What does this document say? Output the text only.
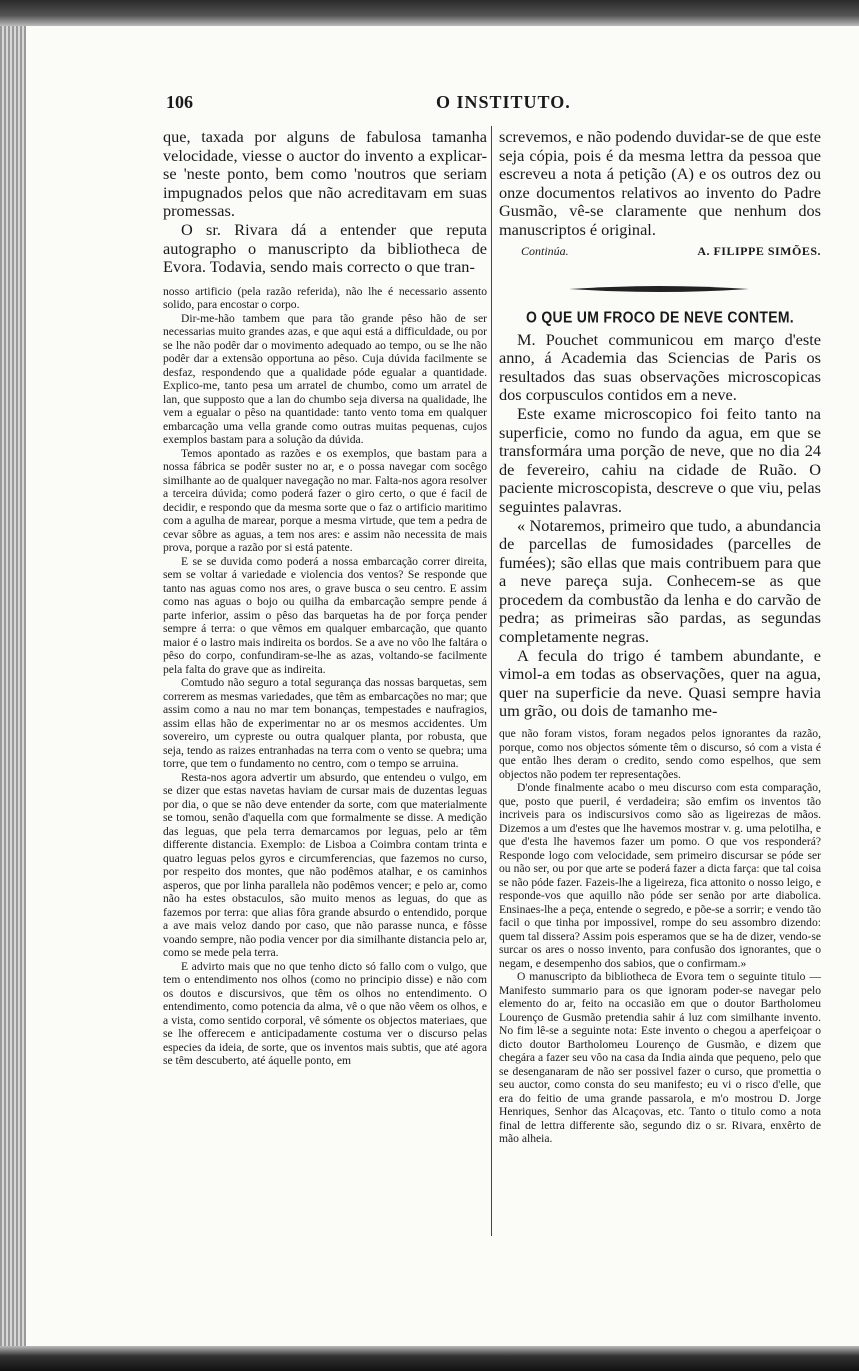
106	O INSTITUTO.

que, taxada por alguns de fabulosa tamanha velocidade, viesse o auctor do invento a explicar-se 'neste ponto, bem como 'noutros que seriam impugnados pelos que não acreditavam em suas promessas.

O sr. Rivara dá a entender que reputa autographo o manuscripto da bibliotheca de Evora. Todavia, sendo mais correcto o que tran-

nosso artificio (pela razão referida), não lhe é necessario assento solido, para encostar o corpo.

Dir-me-hão tambem que para tão grande pêso hão de ser necessarias muito grandes azas, e que aqui está a difficuldade, ou por se lhe não podêr dar o movimento adequado ao tempo, ou se lhe não podêr dar a extensão opportuna ao pêso. Cuja dúvida facilmente se desfaz, respondendo que a qualidade póde egualar a quantidade. Explico-me, tanto pesa um arratel de chumbo, como um arratel de lan, que supposto que a lan do chumbo seja diversa na qualidade, lhe vem a egualar o pêso na quantidade: tanto vento toma em qualquer embarcação uma vella grande como outras muitas pequenas, cujos exemplos bastam para a solução da dúvida.

Temos apontado as razões e os exemplos, que bastam para a nossa fábrica se podêr suster no ar, e o possa navegar com socêgo similhante ao de qualquer navegação no mar. Falta-nos agora resolver a terceira dúvida; como poderá fazer o giro certo, o que é facil de decidir, e respondo que da mesma sorte que o faz o artificio maritimo com a agulha de marear, porque a mesma virtude, que tem a pedra de cevar sôbre as aguas, a tem nos ares: e assim não necessita de mais prova, porque a razão por si está patente.

E se se duvida como poderá a nossa embarcação correr direita, sem se voltar á variedade e violencia dos ventos? Se responde que tanto nas aguas como nos ares, o grave busca o seu centro. E assim como nas aguas o bojo ou quilha da embarcação sempre pende á parte inferior, assim o pêso das barquetas ha de por força pender sempre á terra: o que vêmos em qualquer embarcação, que quanto maior é o lastro mais indireita os bordos. Se a ave no vôo lhe faltára o pêso do corpo, confundiram-se-lhe as azas, voltando-se facilmente pela falta do grave que as indireita.

Comtudo não seguro a total segurança das nossas barquetas, sem correrem as mesmas variedades, que têm as embarcações no mar; que assim como a nau no mar tem bonanças, tempestades e naufragios, assim ellas hão de experimentar no ar os mesmos accidentes. Um sovereiro, um cypreste ou outra qualquer planta, por robusta, que seja, tendo as raizes entranhadas na terra com o vento se quebra; uma torre, que tem o fundamento no centro, com o tempo se arruina.

Resta-nos agora advertir um absurdo, que entendeu o vulgo, em se dizer que estas navetas haviam de cursar mais de duzentas leguas por dia, o que se não deve entender da sorte, com que materialmente se tomou, senão d'aquella com que formalmente se disse. A medição das leguas, que pela terra demarcamos por leguas, pelo ar têm differente distancia. Exemplo: de Lisboa a Coimbra contam trinta e quatro leguas pelos gyros e circumferencias, que fazemos no curso, por respeito dos montes, que não podêmos atalhar, e os caminhos asperos, que por linha parallela não podêmos vencer; e pelo ar, como não ha estes obstaculos, são muito menos as leguas, do que as fazemos por terra: que alias fôra grande absurdo o entendido, porque a ave mais veloz dando por caso, que não parasse nunca, e fôsse voando sempre, não podia vencer por dia similhante distancia pelo ar, como se mede pela terra.

E advirto mais que no que tenho dicto só fallo com o vulgo, que tem o entendimento nos olhos (como no principio disse) e não com os doutos e discursivos, que têm os olhos no entendimento. O entendimento, como potencia da alma, vê o que não vêem os olhos, e a vista, como sentido corporal, vê sómente os objectos materiaes, que se lhe offerecem e anticipadamente costuma ver o discurso pelas especies da ideia, de sorte, que os inventos mais subtis, que até agora se têm descuberto, até áquelle ponto, em

screvemos, e não podendo duvidar-se de que este seja cópia, pois é da mesma lettra da pessoa que escreveu a nota á petição (A) e os outros dez ou onze documentos relativos ao invento do Padre Gusmão, vê-se claramente que nenhum dos manuscriptos é original.

Continúa.	A. FILIPPE SIMÕES.
O QUE UM FROCO DE NEVE CONTEM.

M. Pouchet communicou em março d'este anno, á Academia das Sciencias de Paris os resultados das suas observações microscopicas dos corpusculos contidos em a neve.

Este exame microscopico foi feito tanto na superficie, como no fundo da agua, em que se transformára uma porção de neve, que no dia 24 de fevereiro, cahiu na cidade de Ruão. O paciente microscopista, descreve o que viu, pelas seguintes palavras.

« Notaremos, primeiro que tudo, a abundancia de parcellas de fumosidades (parcelles de fumées); são ellas que mais contribuem para que a neve pareça suja. Conhecem-se as que procedem da combustão da lenha e do carvão de pedra; as primeiras são pardas, as segundas completamente negras.

A fecula do trigo é tambem abundante, e vimol-a em todas as observações, quer na agua, quer na superficie da neve. Quasi sempre havia um grão, ou dois de tamanho me-

que não foram vistos, foram negados pelos ignorantes da razão, porque, como nos objectos sómente têm o discurso, só com a vista é que então lhes deram o credito, sendo como espelhos, que sem objectos não podem ter representações.

D'onde finalmente acabo o meu discurso com esta comparação, que, posto que pueril, é verdadeira; são emfim os inventos tão incriveis para os indiscursivos como são as ligeirezas de mãos. Dizemos a um d'estes que lhe havemos mostrar v. g. uma pelotilha, e que d'esta lhe havemos fazer um pomo. O que vos responderá? Responde logo com velocidade, sem primeiro discursar se póde ser ou não ser, ou por que arte se poderá fazer a dicta farça: que tal coisa se não póde fazer. Fazeis-lhe a ligeireza, fica attonito o nosso leigo, e responde-vos que aquillo não póde ser senão por arte diabolica. Ensinaes-lhe a peça, entende o segredo, e põe-se a sorrir; e vendo tão facil o que tinha por impossivel, rompe do seu assombro dizendo: quem tal dissera? Assim pois esperamos que se ha de dizer, vendo-se surcar os ares o nosso invento, para confusão dos ignorantes, que o negam, e desempenho dos sabios, que o confirmam.»

O manuscripto da bibliotheca de Evora tem o seguinte titulo — Manifesto summario para os que ignoram poder-se navegar pelo elemento do ar, feito na occasião em que o doutor Bartholomeu Lourenço de Gusmão pretendia sahir á luz com similhante invento. No fim lê-se a seguinte nota: Este invento o chegou a aperfeiçoar o dicto doutor Bartholomeu Lourenço de Gusmão, e dizem que chegára a fazer seu vôo na casa da India ainda que pequeno, pelo que se desenganaram de não ser possivel fazer o curso, que promettia o seu auctor, como consta do seu manifesto; eu vi o risco d'elle, que era do feitio de uma grande passarola, e m'o mostrou D. Jorge Henriques, Senhor das Alcaçovas, etc. Tanto o titulo como a nota final de lettra differente são, segundo diz o sr. Rivara, enxêrto de mão alheia.
